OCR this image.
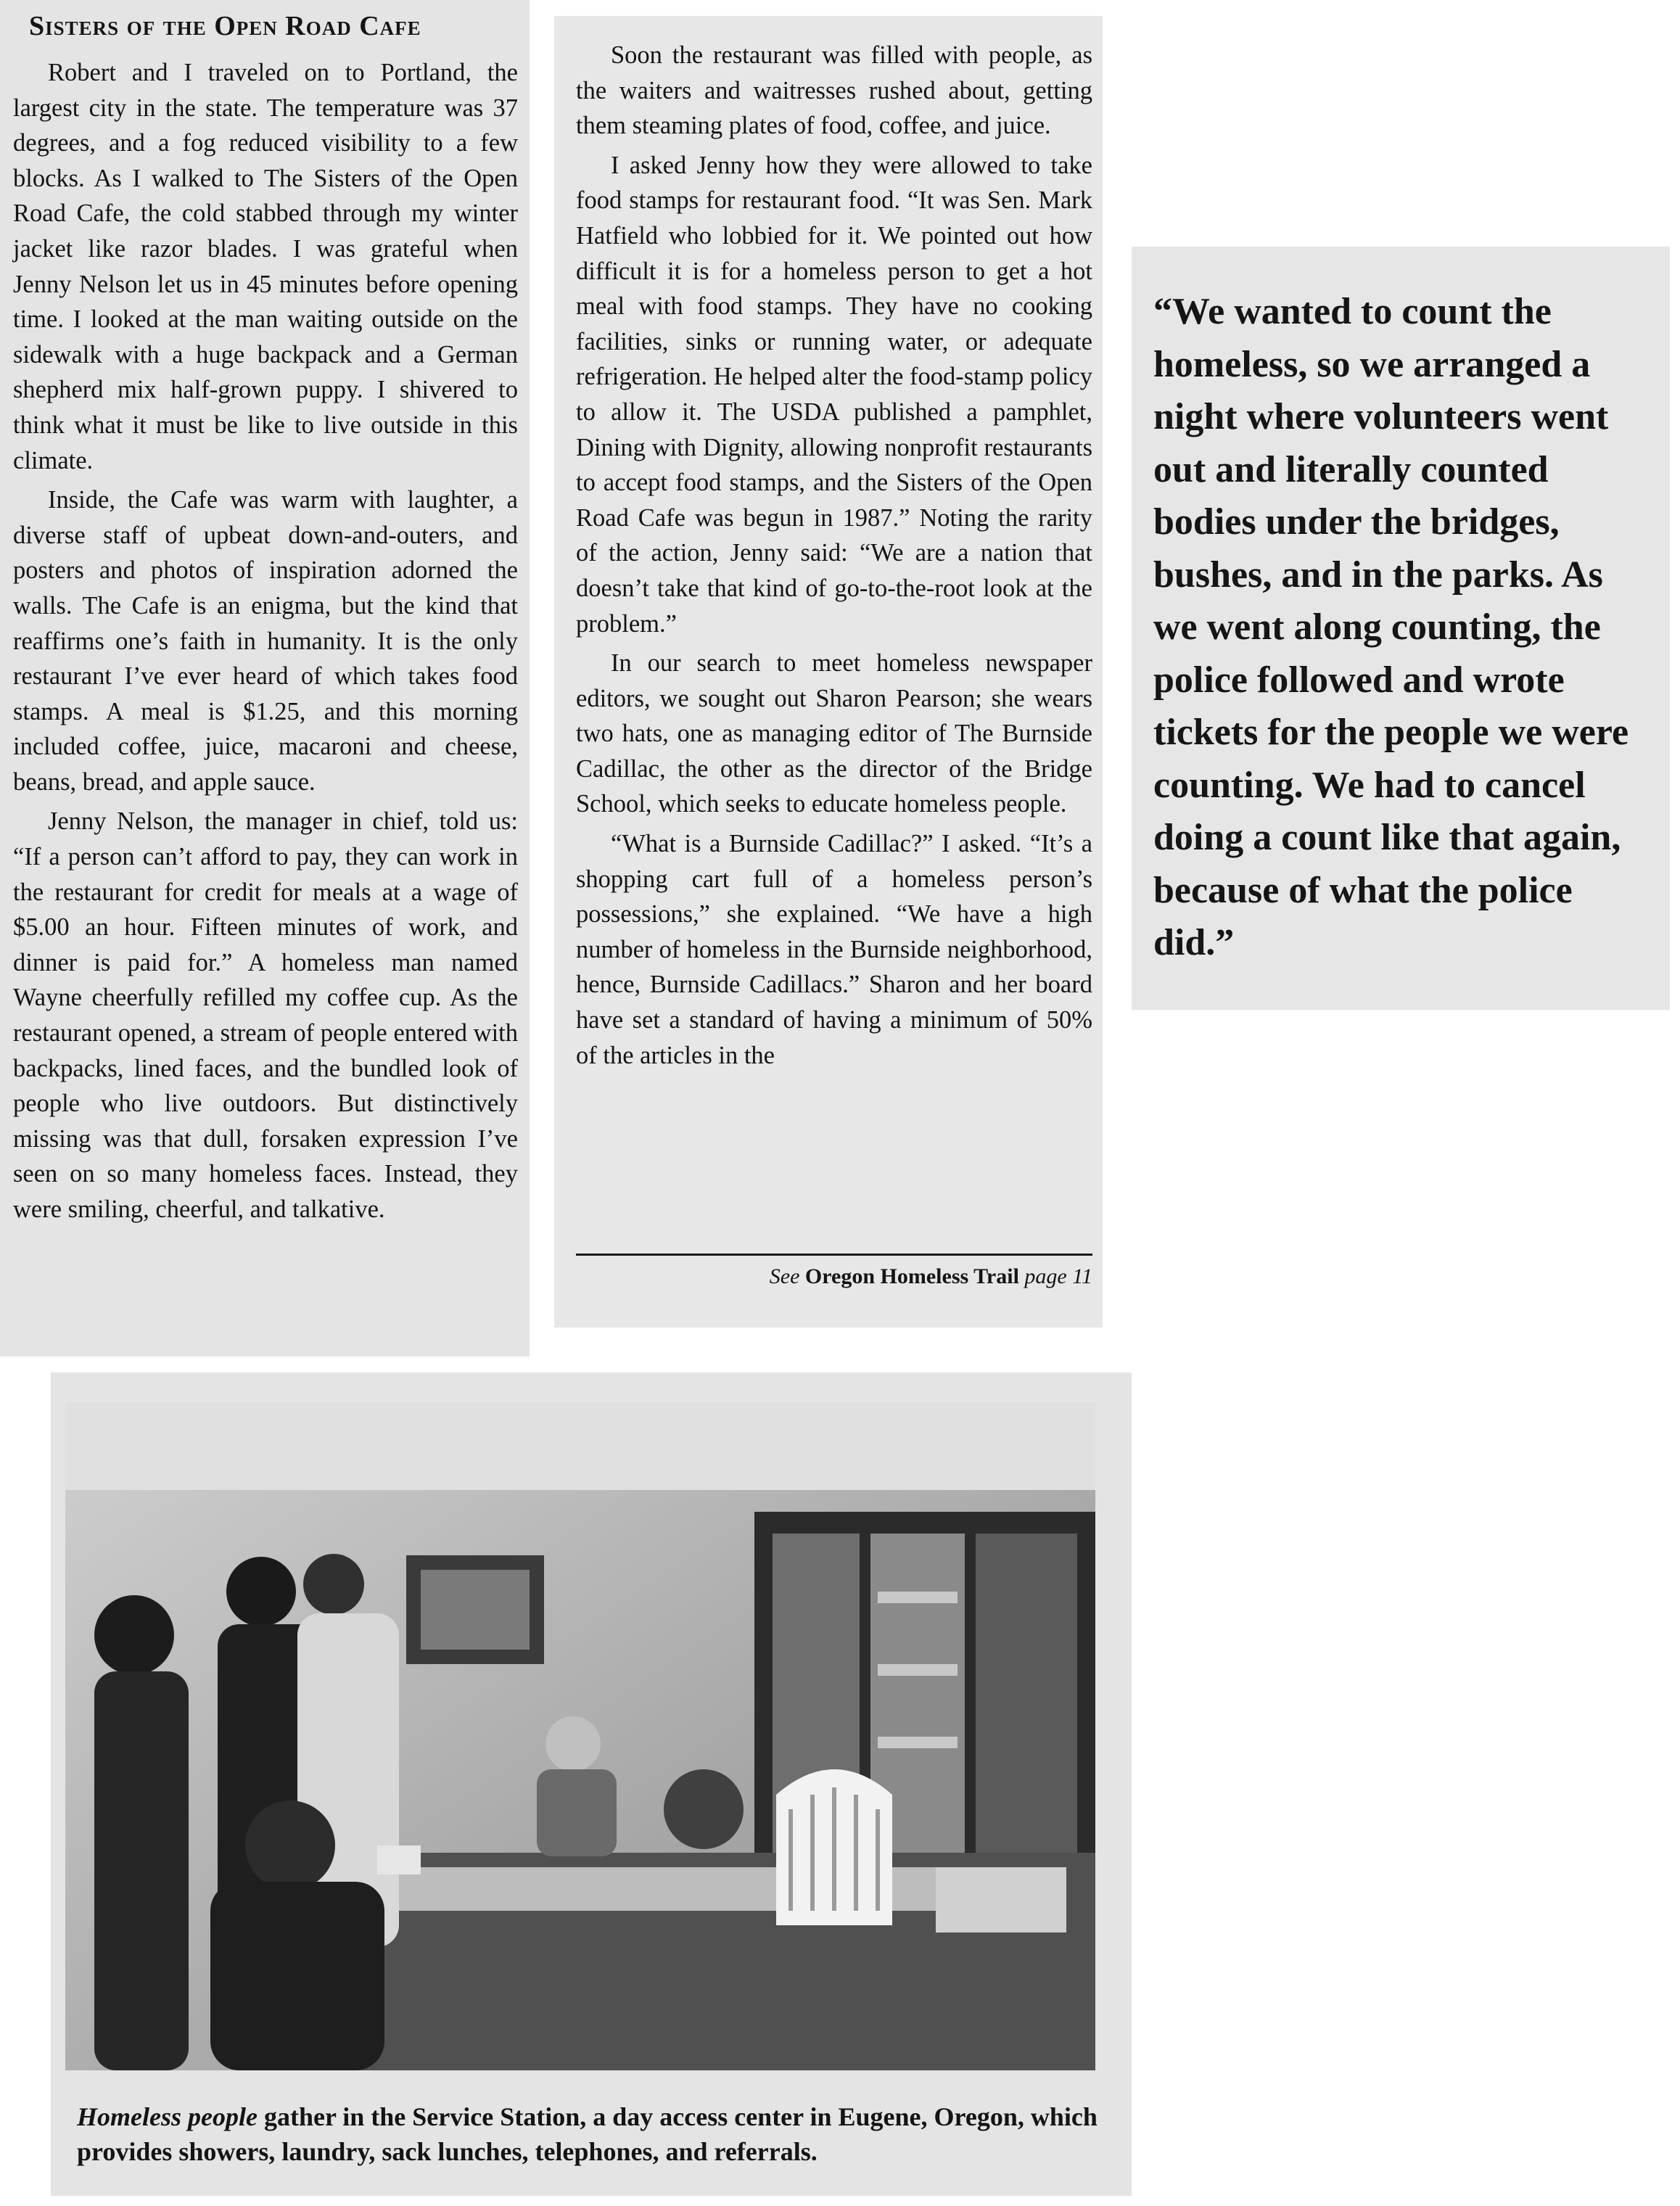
Sisters of the Open Road Cafe

Robert and I traveled on to Portland, the largest city in the state. The temperature was 37 degrees, and a fog reduced visibility to a few blocks. As I walked to The Sisters of the Open Road Cafe, the cold stabbed through my winter jacket like razor blades. I was grateful when Jenny Nelson let us in 45 minutes before opening time. I looked at the man waiting outside on the sidewalk with a huge backpack and a German shepherd mix half-grown puppy. I shivered to think what it must be like to live outside in this climate.

Inside, the Cafe was warm with laughter, a diverse staff of upbeat down-and-outers, and posters and photos of inspiration adorned the walls. The Cafe is an enigma, but the kind that reaffirms one’s faith in humanity. It is the only restaurant I’ve ever heard of which takes food stamps. A meal is $1.25, and this morning included coffee, juice, macaroni and cheese, beans, bread, and apple sauce.

Jenny Nelson, the manager in chief, told us: “If a person can’t afford to pay, they can work in the restaurant for credit for meals at a wage of $5.00 an hour. Fifteen minutes of work, and dinner is paid for.” A homeless man named Wayne cheerfully refilled my coffee cup. As the restaurant opened, a stream of people entered with backpacks, lined faces, and the bundled look of people who live outdoors. But distinctively missing was that dull, forsaken expression I’ve seen on so many homeless faces. Instead, they were smiling, cheerful, and talkative.

Soon the restaurant was filled with people, as the waiters and waitresses rushed about, getting them steaming plates of food, coffee, and juice.

I asked Jenny how they were allowed to take food stamps for restaurant food. “It was Sen. Mark Hatfield who lobbied for it. We pointed out how difficult it is for a homeless person to get a hot meal with food stamps. They have no cooking facilities, sinks or running water, or adequate refrigeration. He helped alter the food-stamp policy to allow it. The USDA published a pamphlet, Dining with Dignity, allowing nonprofit restaurants to accept food stamps, and the Sisters of the Open Road Cafe was begun in 1987.” Noting the rarity of the action, Jenny said: “We are a nation that doesn’t take that kind of go-to-the-root look at the problem.”

In our search to meet homeless newspaper editors, we sought out Sharon Pearson; she wears two hats, one as managing editor of The Burnside Cadillac, the other as the director of the Bridge School, which seeks to educate homeless people.

“What is a Burnside Cadillac?” I asked. “It’s a shopping cart full of a homeless person’s possessions,” she explained. “We have a high number of homeless in the Burnside neighborhood, hence, Burnside Cadillacs.” Sharon and her board have set a standard of having a minimum of 50% of the articles in the

See Oregon Homeless Trail page 11
“We wanted to count the homeless, so we arranged a night where volunteers went out and literally counted bodies under the bridges, bushes, and in the parks. As we went along counting, the police followed and wrote tickets for the people we were counting. We had to cancel doing a count like that again, because of what the police did.”
Homeless people gather in the Service Station, a day access center in Eugene, Oregon, which provides showers, laundry, sack lunches, telephones, and referrals.
